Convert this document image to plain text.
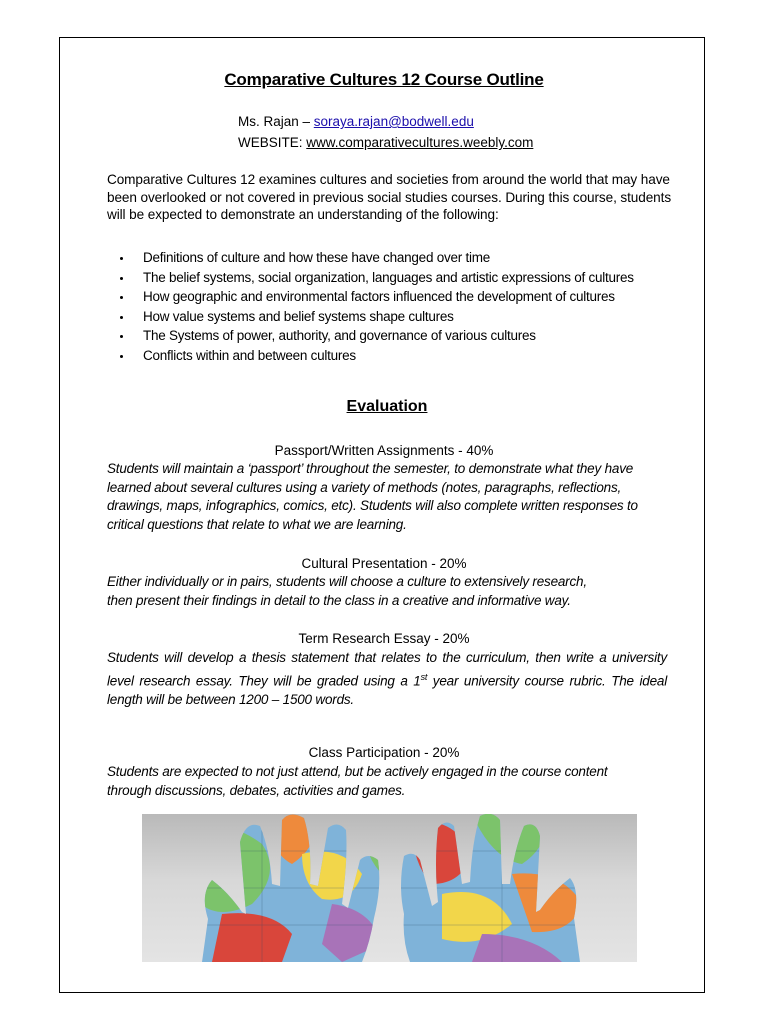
Comparative Cultures 12 Course Outline
Ms. Rajan – soraya.rajan@bodwell.edu
WEBSITE: www.comparativecultures.weebly.com

Comparative Cultures 12 examines cultures and societies from around the world that may have been overlooked or not covered in previous social studies courses. During this course, students will be expected to demonstrate an understanding of the following:

Definitions of culture and how these have changed over time
The belief systems, social organization, languages and artistic expressions of cultures
How geographic and environmental factors influenced the development of cultures
How value systems and belief systems shape cultures
The Systems of power, authority, and governance of various cultures
Conflicts within and between cultures
Evaluation
Passport/Written Assignments - 40%

Students will maintain a ‘passport’ throughout the semester, to demonstrate what they have learned about several cultures using a variety of methods (notes, paragraphs, reflections, drawings, maps, infographics, comics, etc). Students will also complete written responses to critical questions that relate to what we are learning.

Cultural Presentation - 20%

Either individually or in pairs, students will choose a culture to extensively research,
then present their findings in detail to the class in a creative and informative way.

Term Research Essay - 20%

Students will develop a thesis statement that relates to the curriculum, then write a university level research essay. They will be graded using a 1st year university course rubric. The ideal length will be between 1200 – 1500 words.

Class Participation - 20%

Students are expected to not just attend, but be actively engaged in the course content
through discussions, debates, activities and games.
